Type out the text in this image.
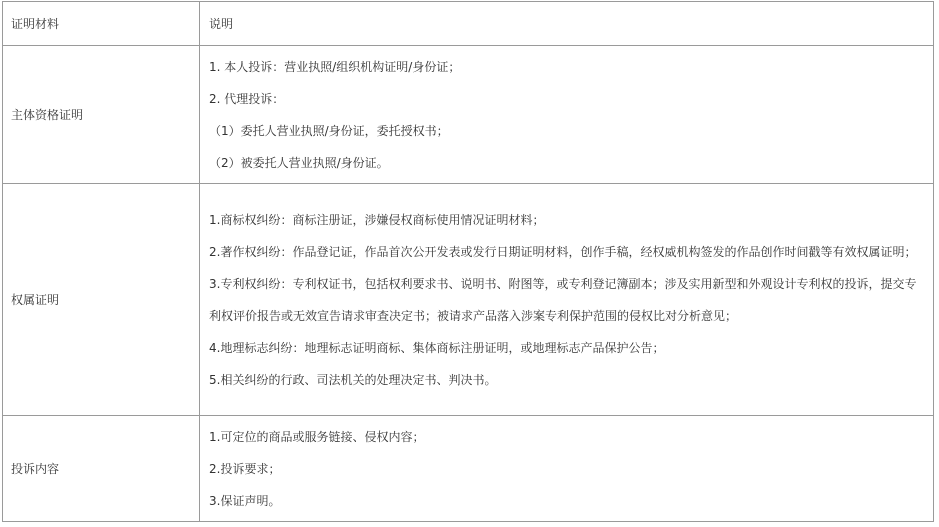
证明材料	说明
主体资格证明	1. 本人投诉：营业执照/组织机构证明/身份证；
2. 代理投诉：
（1）委托人营业执照/身份证，委托授权书；
（2）被委托人营业执照/身份证。

权属证明	1.商标权纠纷：商标注册证，涉嫌侵权商标使用情况证明材料；
2.著作权纠纷：作品登记证，作品首次公开发表或发行日期证明材料，创作手稿，经权威机构签发的作品创作时间戳等有效权属证明；
3.专利权纠纷：专利权证书，包括权利要求书、说明书、附图等，或专利登记簿副本；涉及实用新型和外观设计专利权的投诉，提交专利权评价报告或无效宣告请求审查决定书；被请求产品落入涉案专利保护范围的侵权比对分析意见；
4.地理标志纠纷：地理标志证明商标、集体商标注册证明，或地理标志产品保护公告；
5.相关纠纷的行政、司法机关的处理决定书、判决书。

投诉内容	1.可定位的商品或服务链接、侵权内容；
2.投诉要求；
3.保证声明。
